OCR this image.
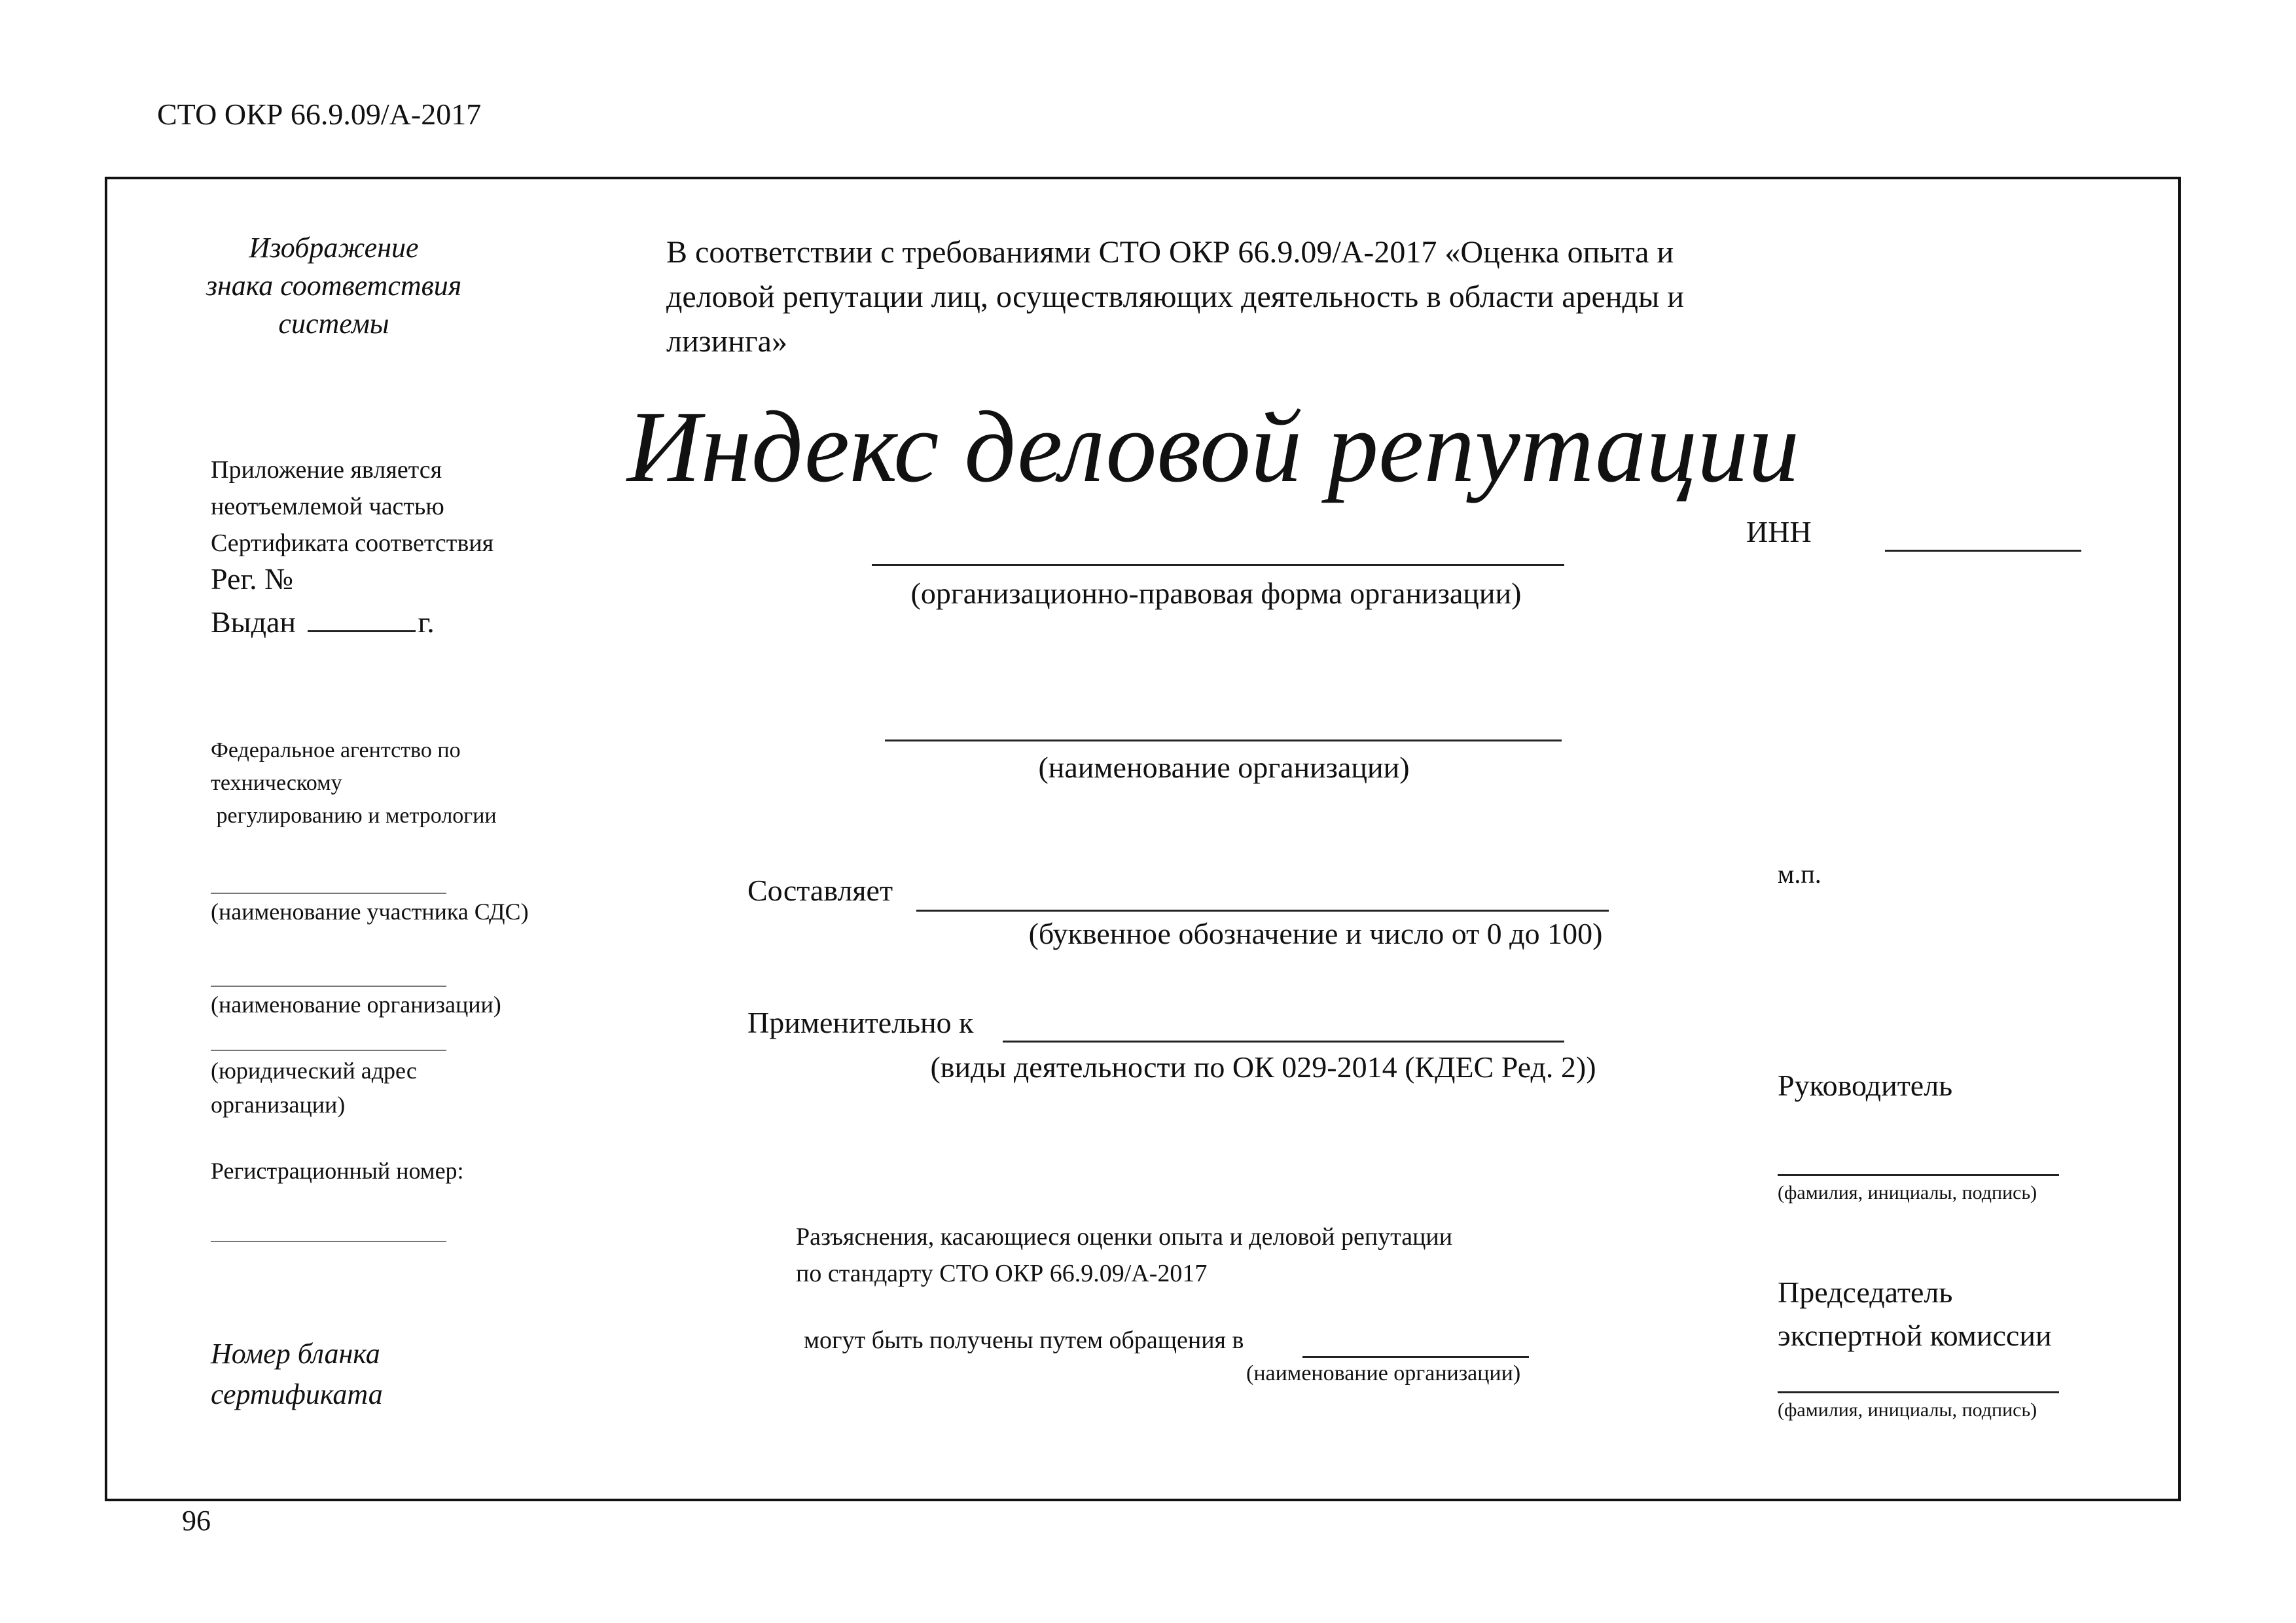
СТО ОКР 66.9.09/А-2017
Изображение
знака соответствия
системы
В соответствии с требованиями СТО ОКР 66.9.09/А-2017 «Оценка опыта и
деловой репутации лиц, осуществляющих деятельность в области аренды и
лизинга»
Индекс деловой репутации
Приложение является
неотъемлемой частью
Сертификата соответствия
Рег. №
Выдан	г.
ИНН
(организационно-правовая форма организации)
(наименование организации)
Федеральное агентство по
техническому
регулированию и метрологии
(наименование участника СДС)
(наименование организации)
(юридический адрес
организации)
Регистрационный номер:
Номер бланка
сертификата
м.п.
Составляет
(буквенное обозначение и число от 0 до 100)
Применительно к
(виды деятельности по ОК 029-2014 (КДЕС Ред. 2))
Разъяснения, касающиеся оценки опыта и деловой репутации
по стандарту СТО ОКР 66.9.09/А-2017
могут быть получены путем обращения в
(наименование организации)
Руководитель
(фамилия, инициалы, подпись)
Председатель
экспертной комиссии
(фамилия, инициалы, подпись)
96
